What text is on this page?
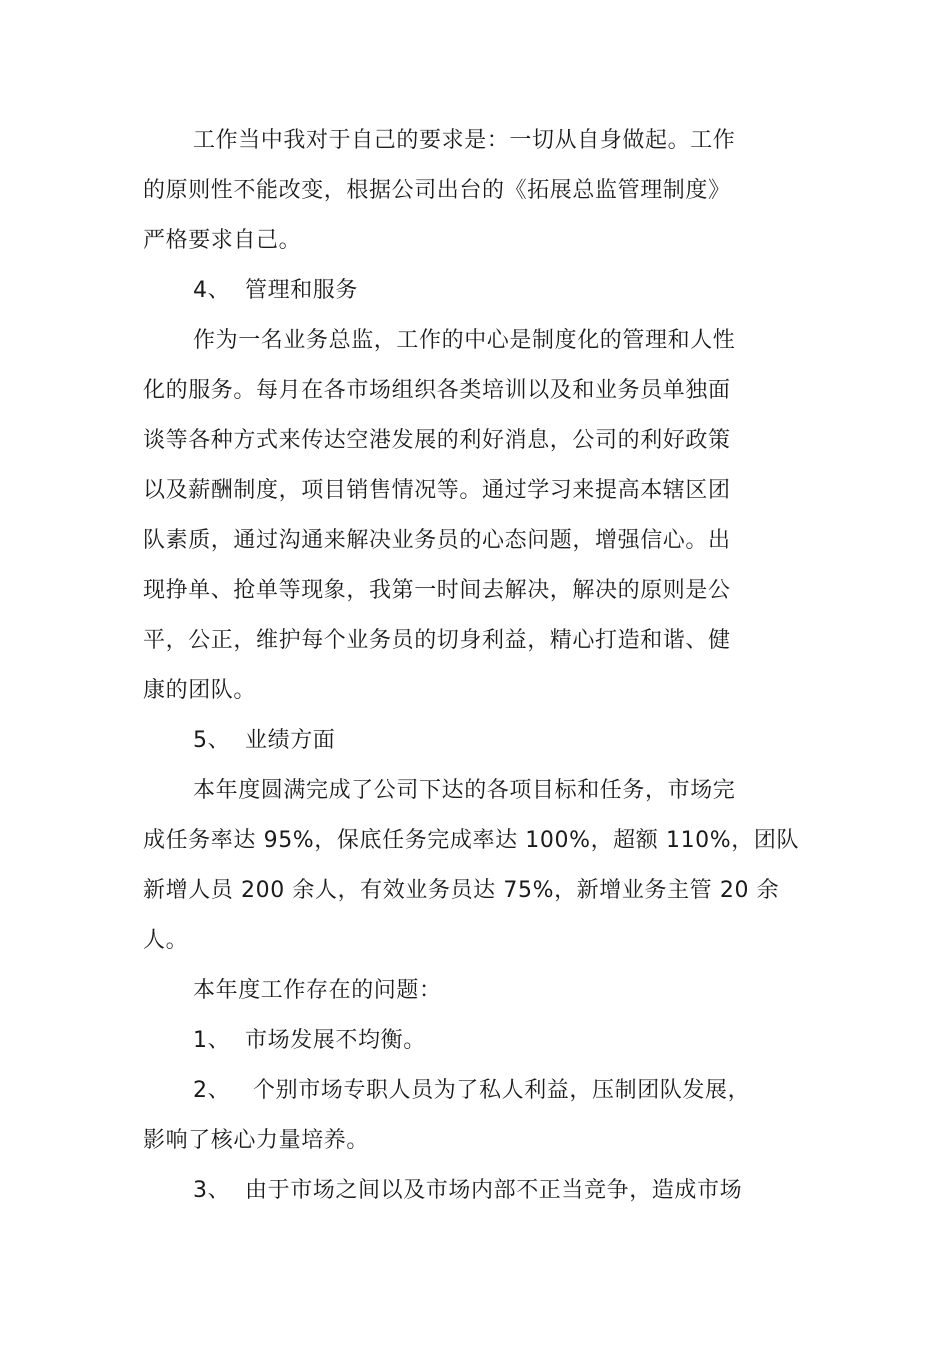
工作当中我对于自己的要求是：一切从自身做起。工作
的原则性不能改变，根据公司出台的《拓展总监管理制度》
严格要求自己。
4、 管理和服务
作为一名业务总监，工作的中心是制度化的管理和人性
化的服务。每月在各市场组织各类培训以及和业务员单独面
谈等各种方式来传达空港发展的利好消息，公司的利好政策
以及薪酬制度，项目销售情况等。通过学习来提高本辖区团
队素质，通过沟通来解决业务员的心态问题，增强信心。出
现挣单、抢单等现象，我第一时间去解决，解决的原则是公
平，公正，维护每个业务员的切身利益，精心打造和谐、健
康的团队。
5、 业绩方面
本年度圆满完成了公司下达的各项目标和任务，市场完
成任务率达 95%，保底任务完成率达 100%，超额 110%，团队
新增人员 200 余人，有效业务员达 75%，新增业务主管 20 余
人。
本年度工作存在的问题：
1、 市场发展不均衡。
2、 个别市场专职人员为了私人利益，压制团队发展，
影响了核心力量培养。
3、 由于市场之间以及市场内部不正当竞争，造成市场
